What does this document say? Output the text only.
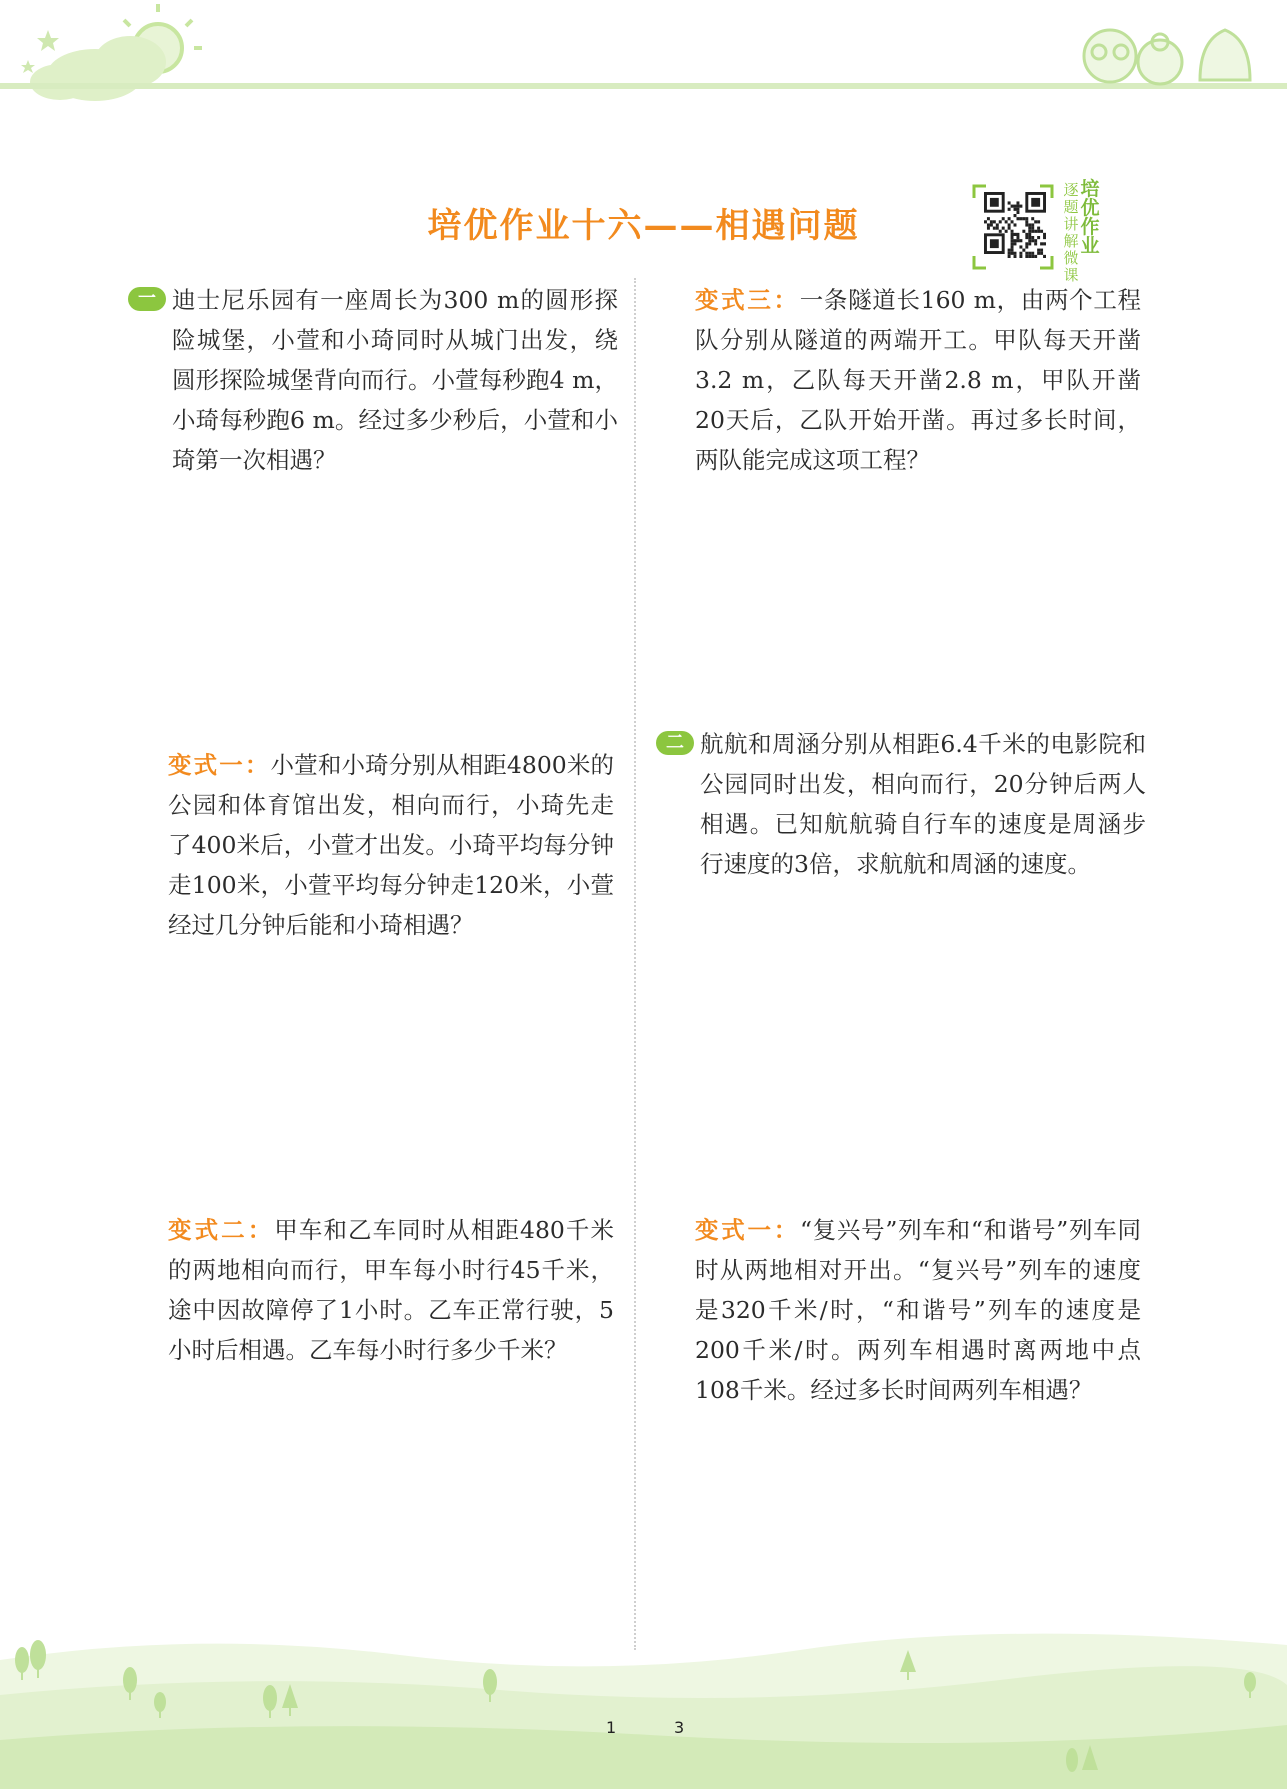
培优作业十六——相遇问题
逐题讲解微课
培优作业
一 迪士尼乐园有一座周长为300 m的圆形探险城堡，小萱和小琦同时从城门出发，绕圆形探险城堡背向而行。小萱每秒跑4 m，小琦每秒跑6 m。经过多少秒后，小萱和小琦第一次相遇？
变式一：小萱和小琦分别从相距4800米的公园和体育馆出发，相向而行，小琦先走了400米后，小萱才出发。小琦平均每分钟走100米，小萱平均每分钟走120米，小萱经过几分钟后能和小琦相遇？
变式二：甲车和乙车同时从相距480千米的两地相向而行，甲车每小时行45千米，途中因故障停了1小时。乙车正常行驶，5小时后相遇。乙车每小时行多少千米？
变式三：一条隧道长160 m，由两个工程队分别从隧道的两端开工。甲队每天开凿3.2 m，乙队每天开凿2.8 m，甲队开凿20天后，乙队开始开凿。再过多长时间，两队能完成这项工程？
二 航航和周涵分别从相距6.4千米的电影院和公园同时出发，相向而行，20分钟后两人相遇。已知航航骑自行车的速度是周涵步行速度的3倍，求航航和周涵的速度。
变式一：“复兴号”列车和“和谐号”列车同时从两地相对开出。“复兴号”列车的速度是320千米/时，“和谐号”列车的速度是200千米/时。两列车相遇时离两地中点108千米。经过多长时间两列车相遇？
1	3
